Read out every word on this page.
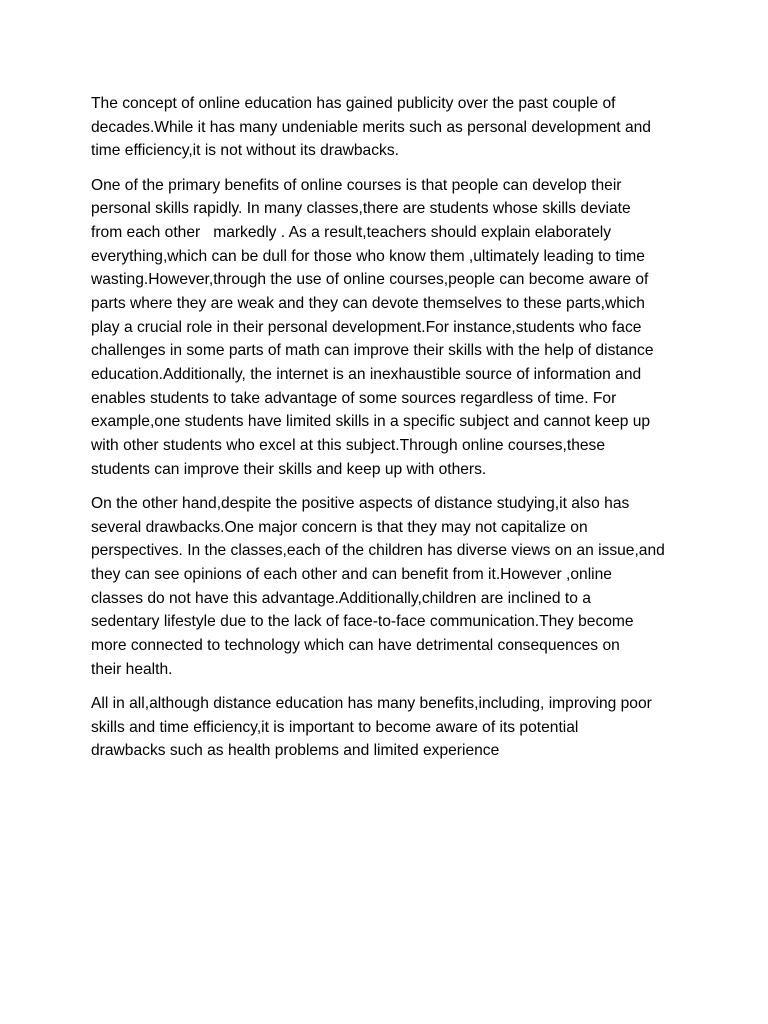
The concept of online education has gained publicity over the past couple of
decades.While it has many undeniable merits such as personal development and
time efficiency,it is not without its drawbacks.
One of the primary benefits of online courses is that people can develop their
personal skills rapidly. In many classes,there are students whose skills deviate
from each other   markedly . As a result,teachers should explain elaborately
everything,which can be dull for those who know them ,ultimately leading to time
wasting.However,through the use of online courses,people can become aware of
parts where they are weak and they can devote themselves to these parts,which
play a crucial role in their personal development.For instance,students who face
challenges in some parts of math can improve their skills with the help of distance
education.Additionally, the internet is an inexhaustible source of information and
enables students to take advantage of some sources regardless of time. For
example,one students have limited skills in a specific subject and cannot keep up
with other students who excel at this subject.Through online courses,these
students can improve their skills and keep up with others.
On the other hand,despite the positive aspects of distance studying,it also has
several drawbacks.One major concern is that they may not capitalize on
perspectives. In the classes,each of the children has diverse views on an issue,and
they can see opinions of each other and can benefit from it.However ,online
classes do not have this advantage.Additionally,children are inclined to a
sedentary lifestyle due to the lack of face-to-face communication.They become
more connected to technology which can have detrimental consequences on
their health.
All in all,although distance education has many benefits,including, improving poor
skills and time efficiency,it is important to become aware of its potential
drawbacks such as health problems and limited experience
